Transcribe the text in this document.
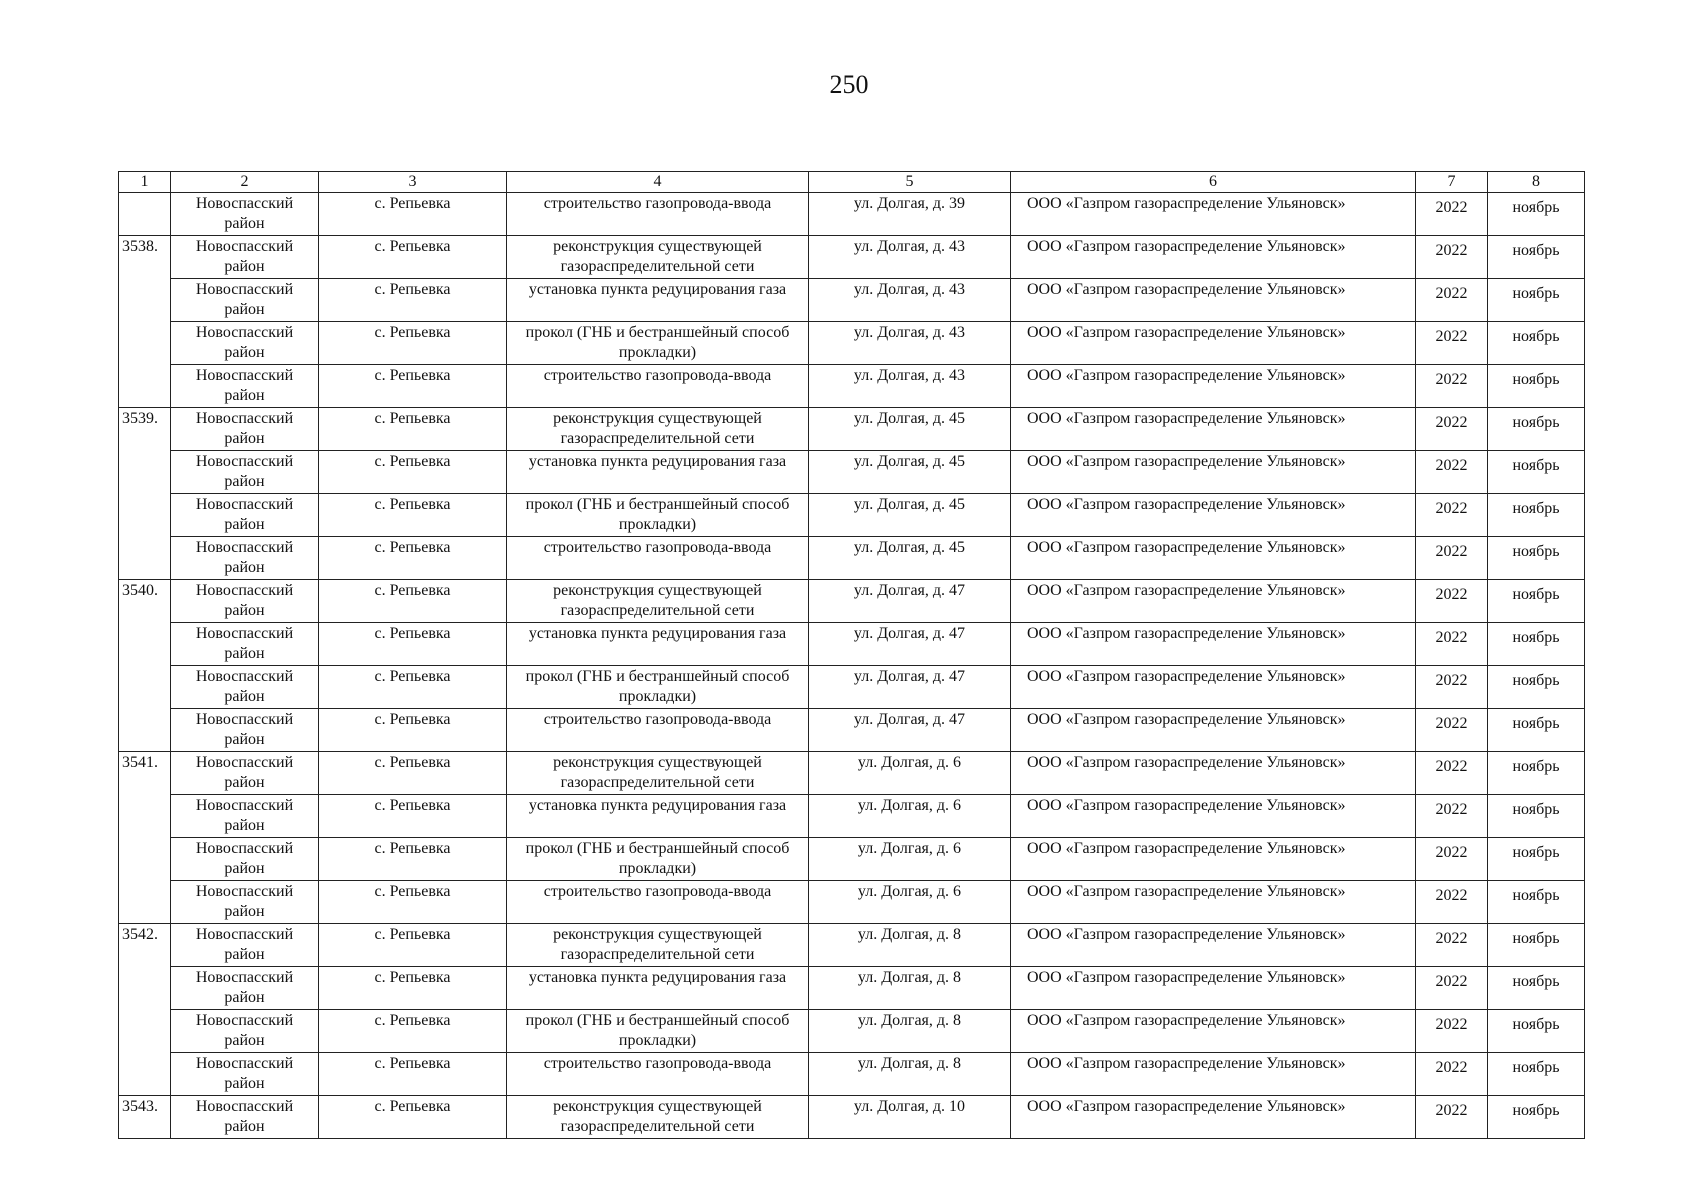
250
1	2	3	4	5	6	7	8
	Новоспасский район	с. Репьевка	строительство газопровода-ввода	ул. Долгая, д. 39	ООО «Газпром газораспределение Ульяновск»	2022	ноябрь
3538.	Новоспасский район	с. Репьевка	реконструкция существующей газораспределительной сети	ул. Долгая, д. 43	ООО «Газпром газораспределение Ульяновск»	2022	ноябрь
	Новоспасский район	с. Репьевка	установка пункта редуцирования газа	ул. Долгая, д. 43	ООО «Газпром газораспределение Ульяновск»	2022	ноябрь
	Новоспасский район	с. Репьевка	прокол (ГНБ и бестраншейный способ прокладки)	ул. Долгая, д. 43	ООО «Газпром газораспределение Ульяновск»	2022	ноябрь
	Новоспасский район	с. Репьевка	строительство газопровода-ввода	ул. Долгая, д. 43	ООО «Газпром газораспределение Ульяновск»	2022	ноябрь
3539.	Новоспасский район	с. Репьевка	реконструкция существующей газораспределительной сети	ул. Долгая, д. 45	ООО «Газпром газораспределение Ульяновск»	2022	ноябрь
	Новоспасский район	с. Репьевка	установка пункта редуцирования газа	ул. Долгая, д. 45	ООО «Газпром газораспределение Ульяновск»	2022	ноябрь
	Новоспасский район	с. Репьевка	прокол (ГНБ и бестраншейный способ прокладки)	ул. Долгая, д. 45	ООО «Газпром газораспределение Ульяновск»	2022	ноябрь
	Новоспасский район	с. Репьевка	строительство газопровода-ввода	ул. Долгая, д. 45	ООО «Газпром газораспределение Ульяновск»	2022	ноябрь
3540.	Новоспасский район	с. Репьевка	реконструкция существующей газораспределительной сети	ул. Долгая, д. 47	ООО «Газпром газораспределение Ульяновск»	2022	ноябрь
	Новоспасский район	с. Репьевка	установка пункта редуцирования газа	ул. Долгая, д. 47	ООО «Газпром газораспределение Ульяновск»	2022	ноябрь
	Новоспасский район	с. Репьевка	прокол (ГНБ и бестраншейный способ прокладки)	ул. Долгая, д. 47	ООО «Газпром газораспределение Ульяновск»	2022	ноябрь
	Новоспасский район	с. Репьевка	строительство газопровода-ввода	ул. Долгая, д. 47	ООО «Газпром газораспределение Ульяновск»	2022	ноябрь
3541.	Новоспасский район	с. Репьевка	реконструкция существующей газораспределительной сети	ул. Долгая, д. 6	ООО «Газпром газораспределение Ульяновск»	2022	ноябрь
	Новоспасский район	с. Репьевка	установка пункта редуцирования газа	ул. Долгая, д. 6	ООО «Газпром газораспределение Ульяновск»	2022	ноябрь
	Новоспасский район	с. Репьевка	прокол (ГНБ и бестраншейный способ прокладки)	ул. Долгая, д. 6	ООО «Газпром газораспределение Ульяновск»	2022	ноябрь
	Новоспасский район	с. Репьевка	строительство газопровода-ввода	ул. Долгая, д. 6	ООО «Газпром газораспределение Ульяновск»	2022	ноябрь
3542.	Новоспасский район	с. Репьевка	реконструкция существующей газораспределительной сети	ул. Долгая, д. 8	ООО «Газпром газораспределение Ульяновск»	2022	ноябрь
	Новоспасский район	с. Репьевка	установка пункта редуцирования газа	ул. Долгая, д. 8	ООО «Газпром газораспределение Ульяновск»	2022	ноябрь
	Новоспасский район	с. Репьевка	прокол (ГНБ и бестраншейный способ прокладки)	ул. Долгая, д. 8	ООО «Газпром газораспределение Ульяновск»	2022	ноябрь
	Новоспасский район	с. Репьевка	строительство газопровода-ввода	ул. Долгая, д. 8	ООО «Газпром газораспределение Ульяновск»	2022	ноябрь
3543.	Новоспасский район	с. Репьевка	реконструкция существующей газораспределительной сети	ул. Долгая, д. 10	ООО «Газпром газораспределение Ульяновск»	2022	ноябрь
